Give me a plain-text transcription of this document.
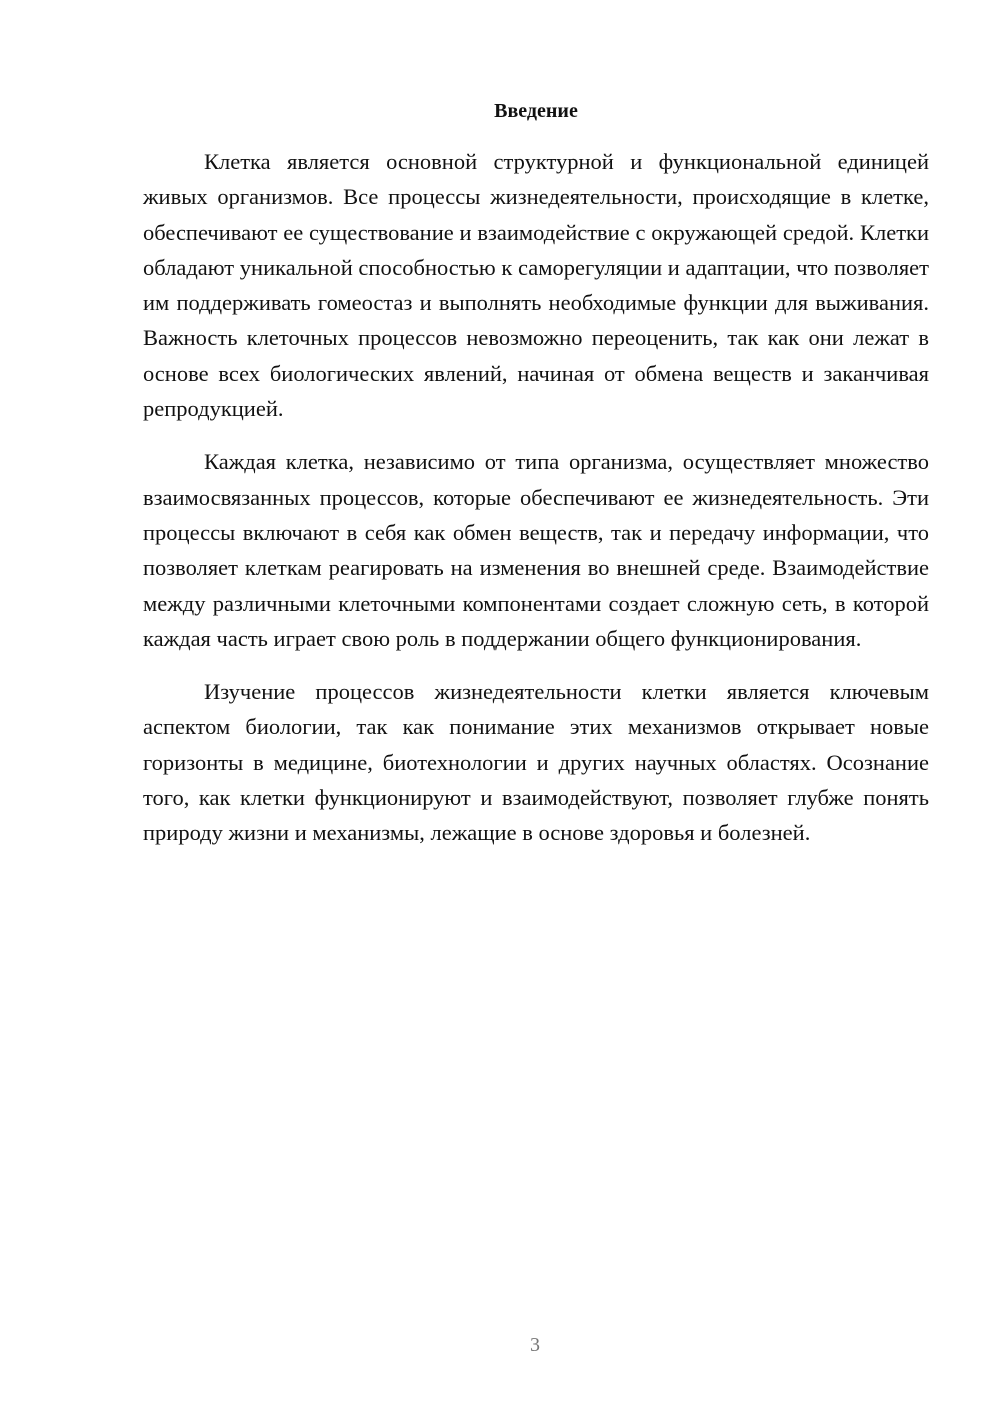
Введение

Клетка является основной структурной и функциональной единицей живых организмов. Все процессы жизнедеятельности, происходящие в клетке, обеспечивают ее существование и взаимодействие с окружающей средой. Клетки обладают уникальной способностью к саморегуляции и адаптации, что позволяет им поддерживать гомеостаз и выполнять необходимые функции для выживания. Важность клеточных процессов невозможно переоценить, так как они лежат в основе всех биологических явлений, начиная от обмена веществ и заканчивая репродукцией.

Каждая клетка, независимо от типа организма, осуществляет множество взаимосвязанных процессов, которые обеспечивают ее жизнедеятельность. Эти процессы включают в себя как обмен веществ, так и передачу информации, что позволяет клеткам реагировать на изменения во внешней среде. Взаимодействие между различными клеточными компонентами создает сложную сеть, в которой каждая часть играет свою роль в поддержании общего функционирования.

Изучение процессов жизнедеятельности клетки является ключевым аспектом биологии, так как понимание этих механизмов открывает новые горизонты в медицине, биотехнологии и других научных областях. Осознание того, как клетки функционируют и взаимодействуют, позволяет глубже понять природу жизни и механизмы, лежащие в основе здоровья и болезней.

3
